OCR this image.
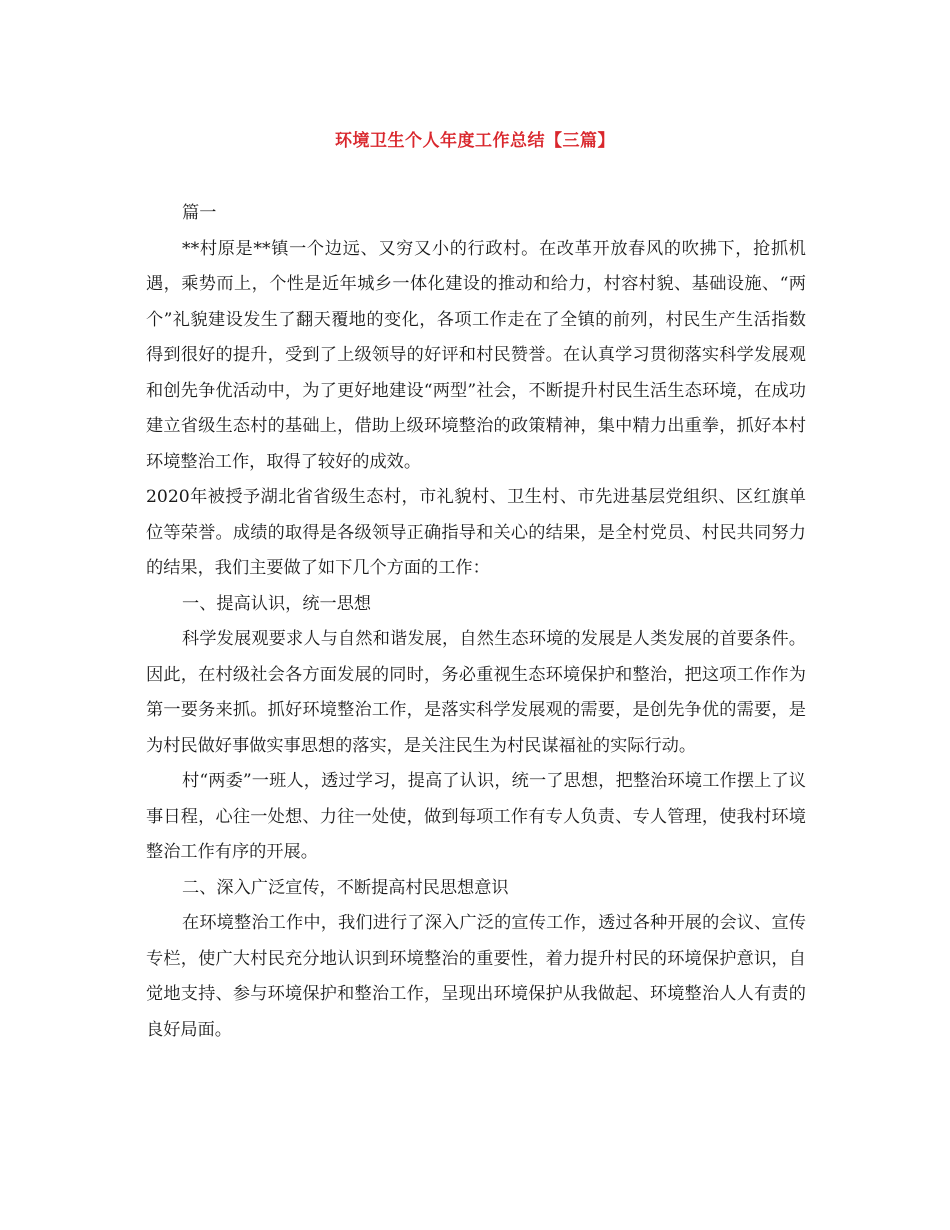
环境卫生个人年度工作总结【三篇】

篇一

**村原是**镇一个边远、又穷又小的行政村。在改革开放春风的吹拂下，抢抓机遇，乘势而上，个性是近年城乡一体化建设的推动和给力，村容村貌、基础设施、“两个”礼貌建设发生了翻天覆地的变化，各项工作走在了全镇的前列，村民生产生活指数得到很好的提升，受到了上级领导的好评和村民赞誉。在认真学习贯彻落实科学发展观和创先争优活动中，为了更好地建设“两型”社会，不断提升村民生活生态环境，在成功建立省级生态村的基础上，借助上级环境整治的政策精神，集中精力出重拳，抓好本村环境整治工作，取得了较好的成效。

2020年被授予湖北省省级生态村，市礼貌村、卫生村、市先进基层党组织、区红旗单位等荣誉。成绩的取得是各级领导正确指导和关心的结果，是全村党员、村民共同努力的结果，我们主要做了如下几个方面的工作：

一、提高认识，统一思想

科学发展观要求人与自然和谐发展，自然生态环境的发展是人类发展的首要条件。因此，在村级社会各方面发展的同时，务必重视生态环境保护和整治，把这项工作作为第一要务来抓。抓好环境整治工作，是落实科学发展观的需要，是创先争优的需要，是为村民做好事做实事思想的落实，是关注民生为村民谋福祉的实际行动。

村“两委”一班人，透过学习，提高了认识，统一了思想，把整治环境工作摆上了议事日程，心往一处想、力往一处使，做到每项工作有专人负责、专人管理，使我村环境整治工作有序的开展。

二、深入广泛宣传，不断提高村民思想意识

在环境整治工作中，我们进行了深入广泛的宣传工作，透过各种开展的会议、宣传专栏，使广大村民充分地认识到环境整治的重要性，着力提升村民的环境保护意识，自觉地支持、参与环境保护和整治工作，呈现出环境保护从我做起、环境整治人人有责的良好局面。
